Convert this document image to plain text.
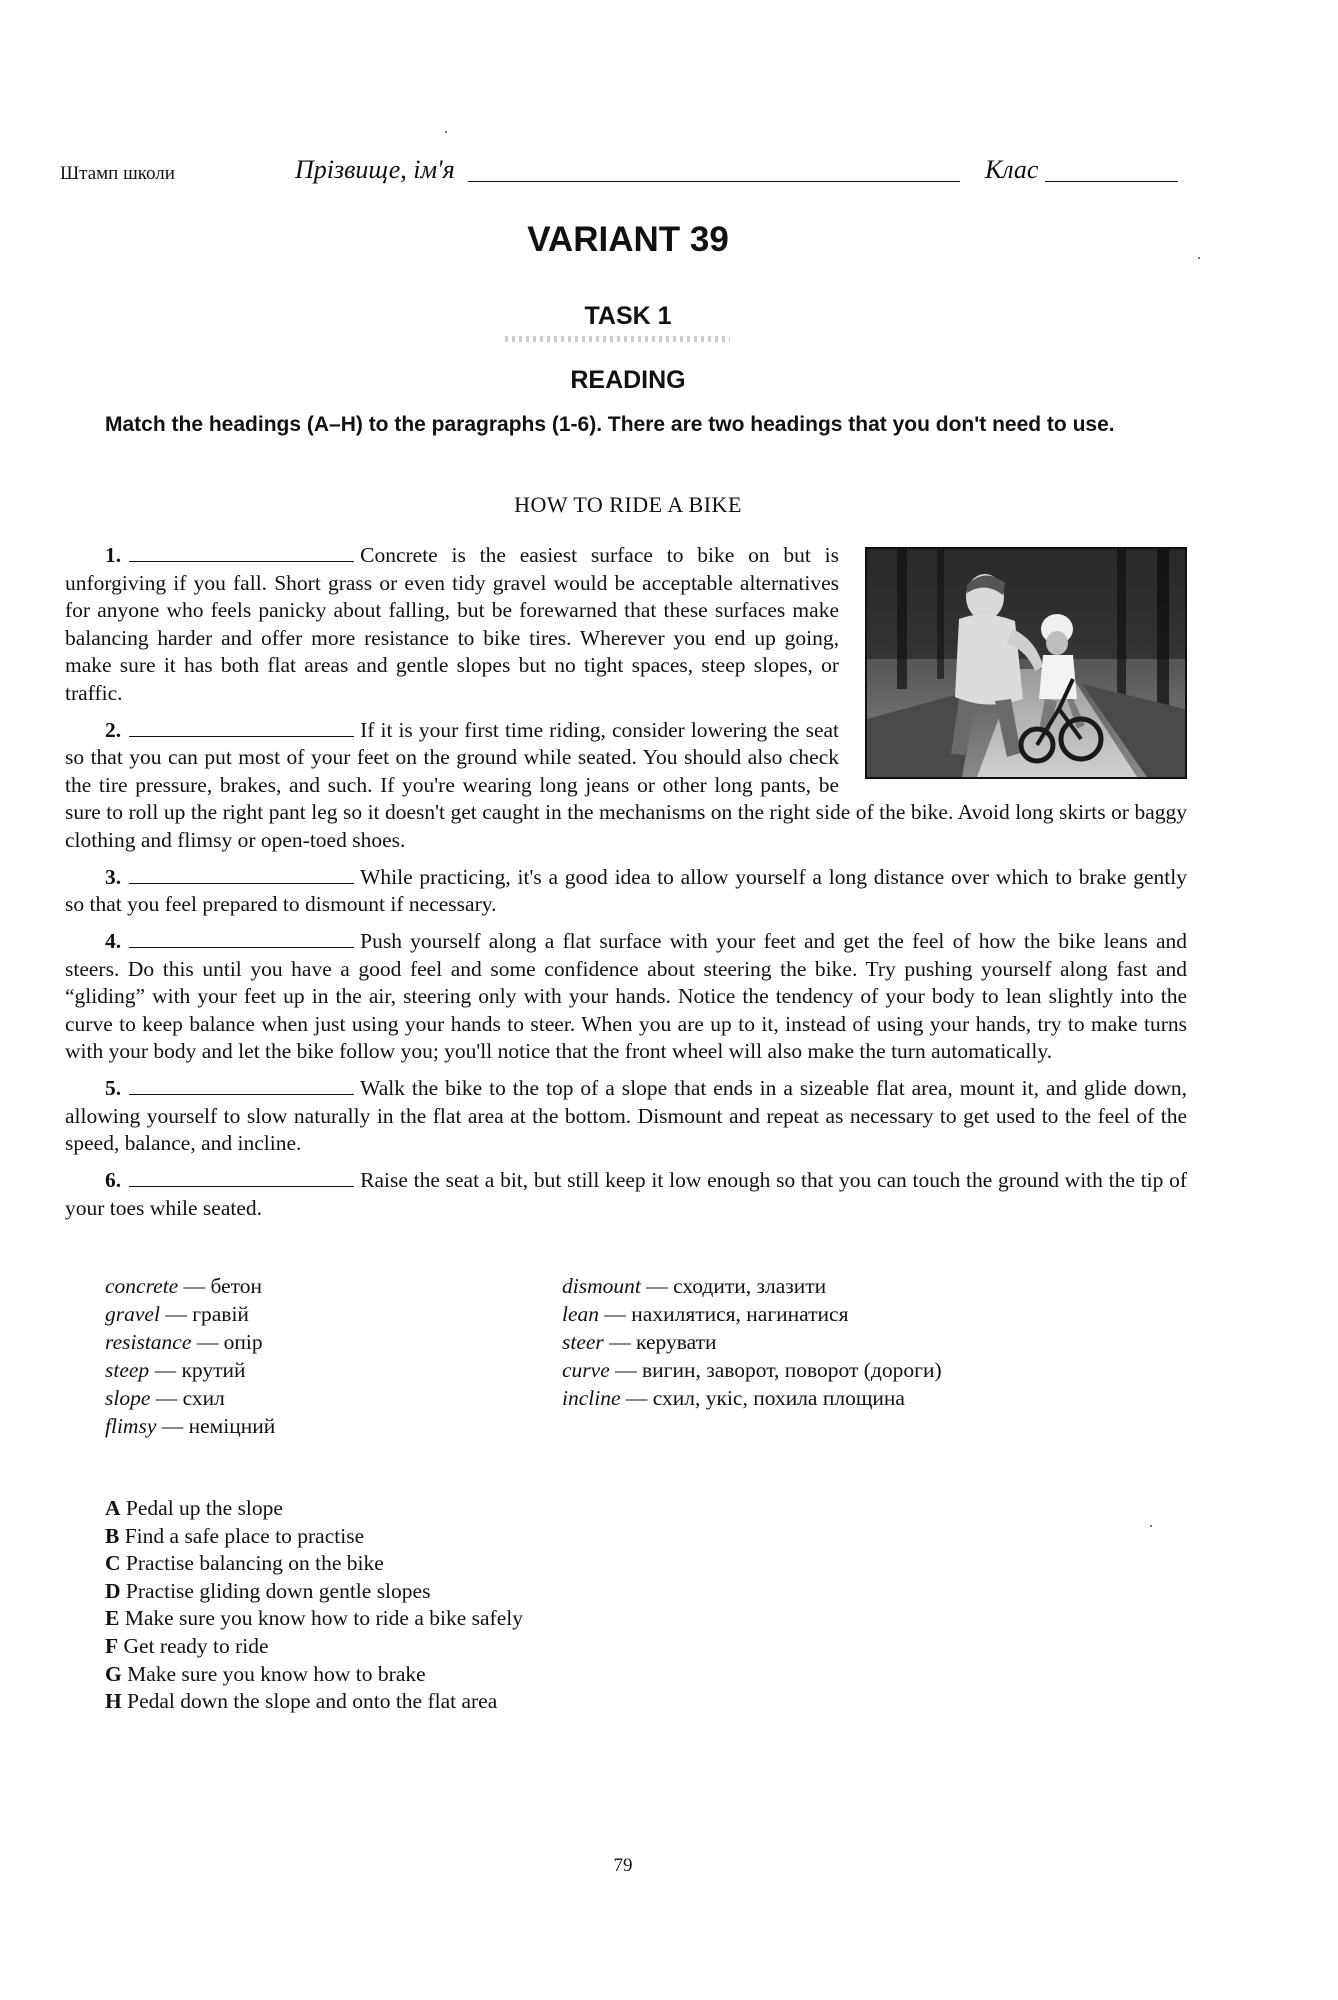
Штамп школи	Прізвище, ім'я	Клас
VARIANT 39
TASK 1
READING
Match the headings (A–H) to the paragraphs (1-6). There are two headings that you don't need to use.
HOW TO RIDE A BIKE

1.	Concrete is the easiest surface to bike on but is unforgiving if you fall. Short grass or even tidy gravel would be acceptable alternatives for anyone who feels panicky about falling, but be forewarned that these surfaces make balancing harder and offer more resistance to bike tires. Wherever you end up going, make sure it has both flat areas and gentle slopes but no tight spaces, steep slopes, or traffic.

2.	If it is your first time riding, consider lowering the seat so that you can put most of your feet on the ground while seated. You should also check the tire pressure, brakes, and such. If you're wearing long jeans or other long pants, be sure to roll up the right pant leg so it doesn't get caught in the mechanisms on the right side of the bike. Avoid long skirts or baggy clothing and flimsy or open-toed shoes.

3.	While practicing, it's a good idea to allow yourself a long distance over which to brake gently so that you feel prepared to dismount if necessary.

4.	Push yourself along a flat surface with your feet and get the feel of how the bike leans and steers. Do this until you have a good feel and some confidence about steering the bike. Try pushing yourself along fast and “gliding” with your feet up in the air, steering only with your hands. Notice the tendency of your body to lean slightly into the curve to keep balance when just using your hands to steer. When you are up to it, instead of using your hands, try to make turns with your body and let the bike follow you; you'll notice that the front wheel will also make the turn automatically.

5.	Walk the bike to the top of a slope that ends in a sizeable flat area, mount it, and glide down, allowing yourself to slow naturally in the flat area at the bottom. Dismount and repeat as necessary to get used to the feel of the speed, balance, and incline.

6.	Raise the seat a bit, but still keep it low enough so that you can touch the ground with the tip of your toes while seated.

concrete — бетон
gravel — гравій
resistance — опір
steep — крутий
slope — схил
flimsy — неміцний
dismount — сходити, злазити
lean — нахилятися, нагинатися
steer — керувати
curve — вигин, заворот, поворот (дороги)
incline — схил, укіс, похила площина
A Pedal up the slope
B Find a safe place to practise
C Practise balancing on the bike
D Practise gliding down gentle slopes
E Make sure you know how to ride a bike safely
F Get ready to ride
G Make sure you know how to brake
H Pedal down the slope and onto the flat area
79
